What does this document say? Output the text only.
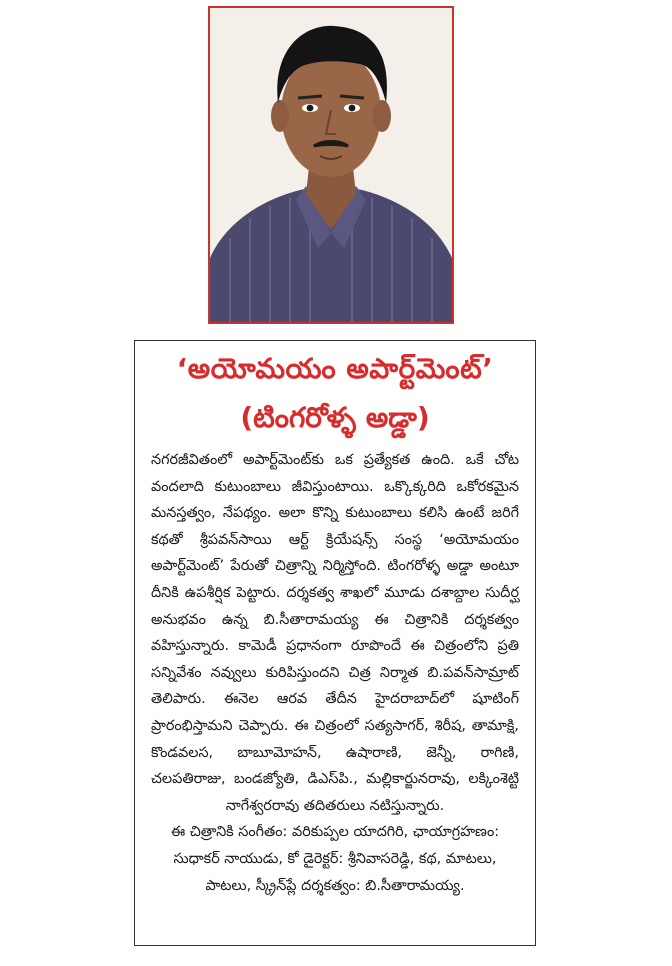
‘అయోమయం అపార్ట్‌మెంట్’
(టింగరోళ్ళ అడ్డా)

నగరజీవితంలో అపార్ట్‌మెంట్‌కు ఒక ప్రత్యేకత ఉంది. ఒకే చోట వందలాది కుటుంబాలు జీవిస్తుంటాయి. ఒక్కొక్కరిది ఒకోరకమైన మనస్తత్వం, నేపథ్యం. అలా కొన్ని కుటుంబాలు కలిసి ఉంటే జరిగే కథతో శ్రీపవన్‌సాయి ఆర్ట్ క్రియేషన్స్ సంస్థ ‘అయోమయం అపార్ట్‌మెంట్’ పేరుతో చిత్రాన్ని నిర్మిస్తోంది. టింగరోళ్ళ అడ్డా అంటూ దీనికి ఉపశీర్షిక పెట్టారు. దర్శకత్వ శాఖలో మూడు దశాబ్దాల సుదీర్ఘ అనుభవం ఉన్న బి.సీతారామయ్య ఈ చిత్రానికి దర్శకత్వం వహిస్తున్నారు. కామెడీ ప్రధానంగా రూపొందే ఈ చిత్రంలోని ప్రతి సన్నివేశం నవ్వులు కురిపిస్తుందని చిత్ర నిర్మాత బి.పవన్‌సామ్రాట్ తెలిపారు. ఈనెల ఆరవ తేదీన హైదరాబాద్‌లో షూటింగ్ ప్రారంభిస్తామని చెప్పారు. ఈ చిత్రంలో సత్యసాగర్, శిరీష, తామాక్షి, కొండవలస, బాబూమోహన్, ఉషారాణి, జెన్నీ, రాగిణి, చలపతిరాజు, బండజ్యోతి, డిఎస్‌పి., మల్లికార్జునరావు, లక్కింశెట్టి నాగేశ్వరరావు తదితరులు నటిస్తున్నారు.

ఈ చిత్రానికి సంగీతం: వరికుప్పల యాదగిరి, ఛాయాగ్రహణం: సుధాకర్ నాయుడు, కో డైరెక్టర్: శ్రీనివాసరెడ్డి, కథ, మాటలు, పాటలు, స్క్రీన్‌ప్లే దర్శకత్వం: బి.సీతారామయ్య.
